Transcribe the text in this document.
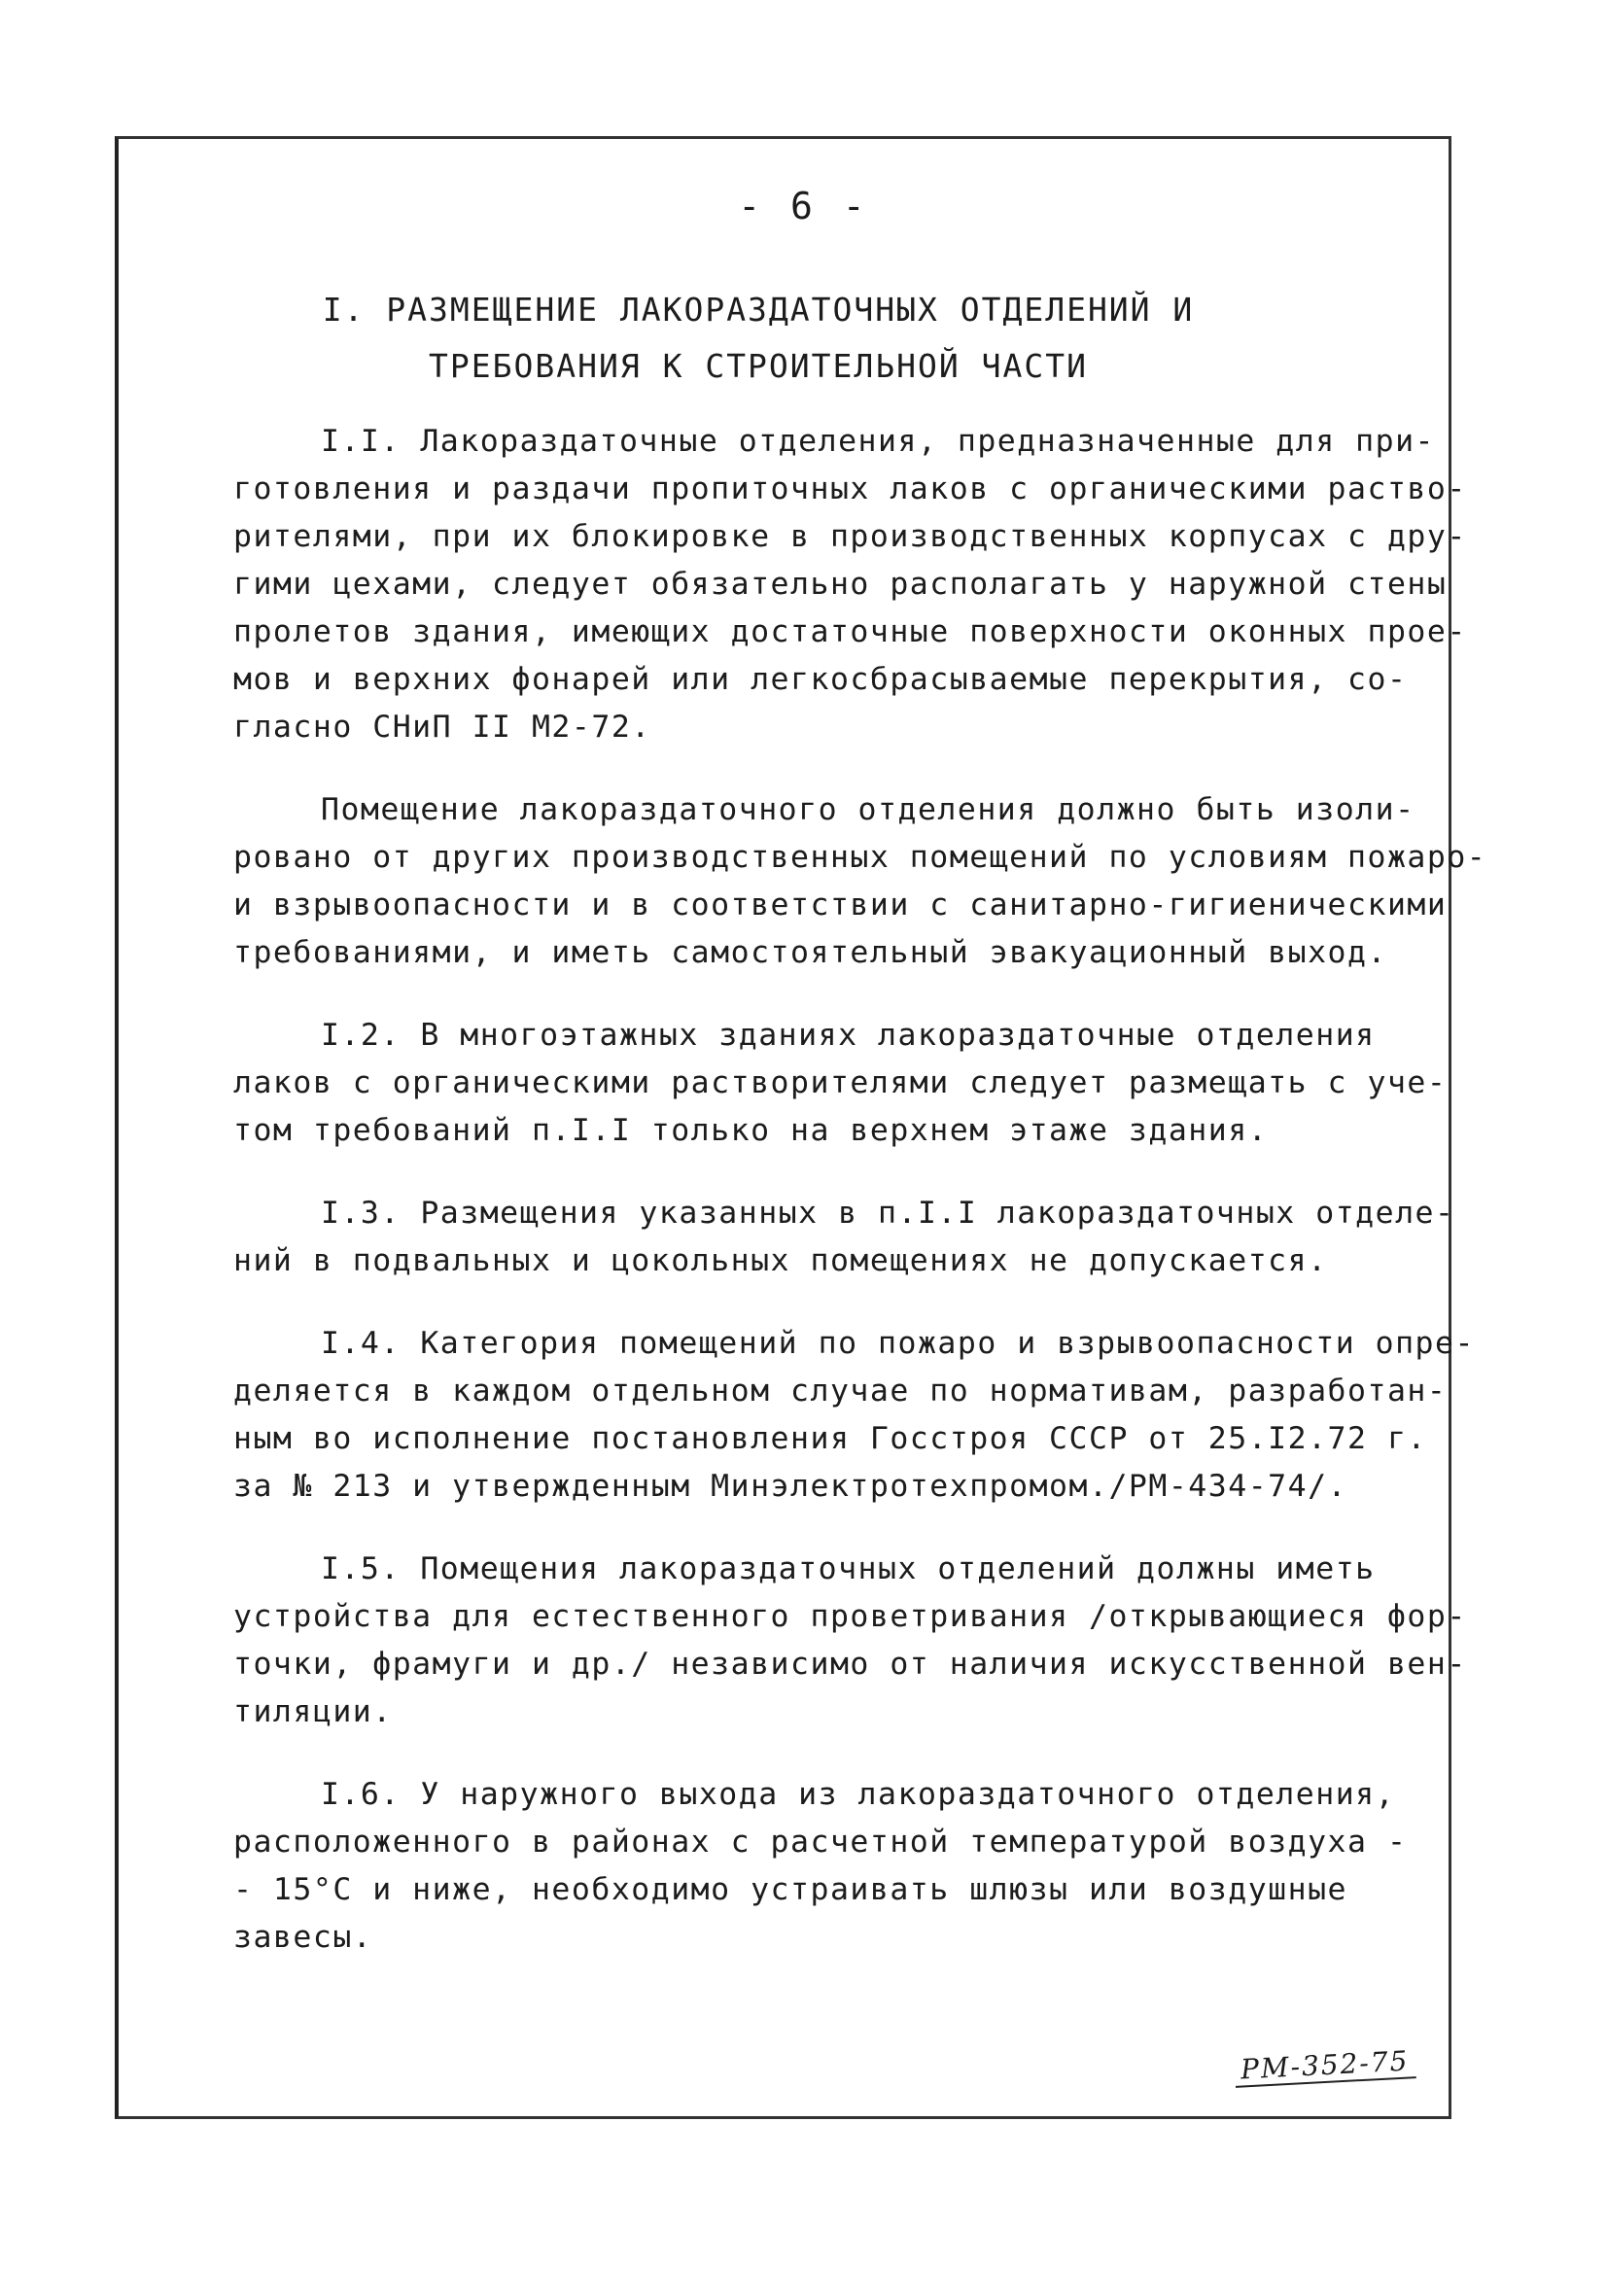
- 6 -
I. РАЗМЕЩЕНИЕ ЛАКОРАЗДАТОЧНЫХ ОТДЕЛЕНИЙ И
ТРЕБОВАНИЯ К СТРОИТЕЛЬНОЙ ЧАСТИ
I.I. Лакораздаточные отделения, предназначенные для при-
готовления и раздачи пропиточных лаков с органическими раство-
рителями, при их блокировке в производственных корпусах с дру-
гими цехами, следует обязательно располагать у наружной стены
пролетов здания, имеющих достаточные поверхности оконных прое-
мов и верхних фонарей или легкосбрасываемые перекрытия, со-
гласно СНиП II М2-72.
Помещение лакораздаточного отделения должно быть изоли-
ровано от других производственных помещений по условиям пожаро-
и взрывоопасности и в соответствии с санитарно-гигиеническими
требованиями, и иметь самостоятельный эвакуационный выход.
I.2. В многоэтажных зданиях лакораздаточные отделения
лаков с органическими растворителями следует размещать с уче-
том требований п.I.I только на верхнем этаже здания.
I.3. Размещения указанных в п.I.I лакораздаточных отделе-
ний в подвальных и цокольных помещениях не допускается.
I.4. Категория помещений по пожаро и взрывоопасности опре-
деляется в каждом отдельном случае по нормативам, разработан-
ным во исполнение постановления Госстроя СССР от 25.I2.72 г.
за № 213 и утвержденным Минэлектротехпромом./РМ-434-74/.
I.5. Помещения лакораздаточных отделений должны иметь
устройства для естественного проветривания /открывающиеся фор-
точки, фрамуги и др./ независимо от наличия искусственной вен-
тиляции.
I.6. У наружного выхода из лакораздаточного отделения,
расположенного в районах с расчетной температурой воздуха -
- 15°С и ниже, необходимо устраивать шлюзы или воздушные
завесы.
РМ-352-75
